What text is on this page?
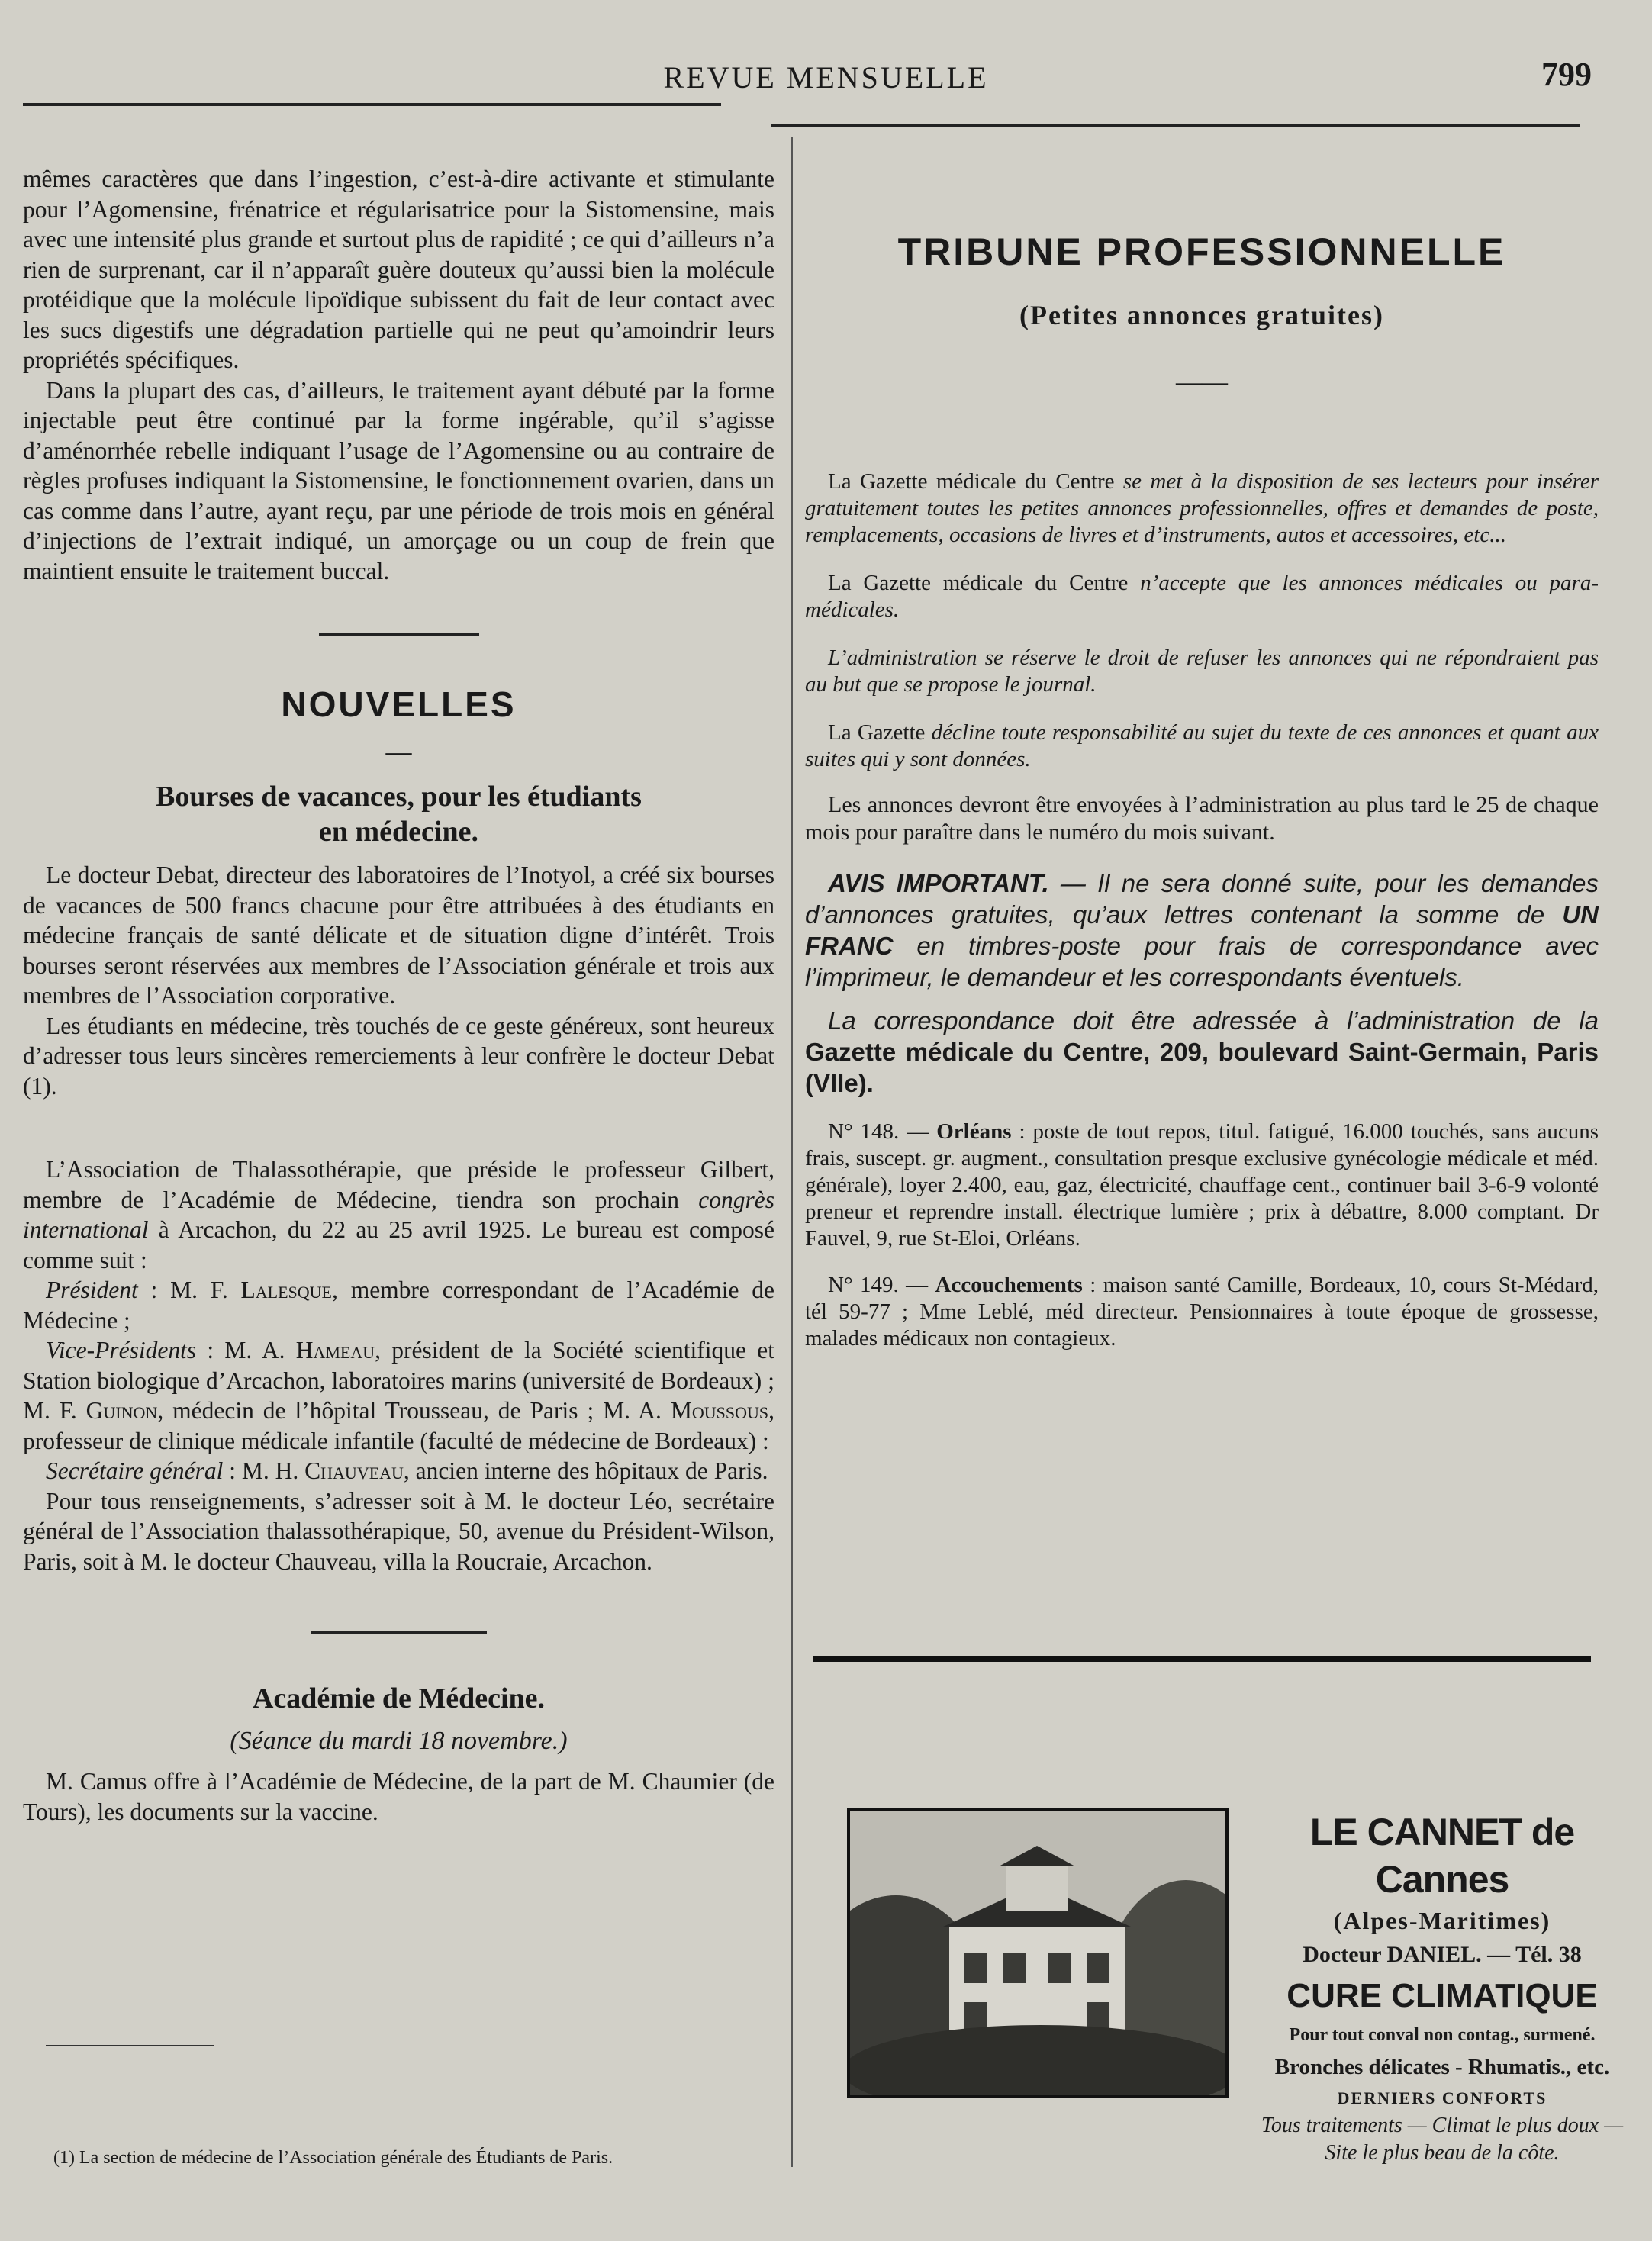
REVUE MENSUELLE	799

mêmes caractères que dans l’ingestion, c’est-à-dire activante et stimulante pour l’Agomensine, frénatrice et régularisatrice pour la Sistomensine, mais avec une intensité plus grande et surtout plus de rapidité ; ce qui d’ailleurs n’a rien de surprenant, car il n’apparaît guère douteux qu’aussi bien la molécule protéidique que la molécule lipoïdique subissent du fait de leur contact avec les sucs digestifs une dégradation partielle qui ne peut qu’amoindrir leurs propriétés spécifiques.

Dans la plupart des cas, d’ailleurs, le traitement ayant débuté par la forme injectable peut être continué par la forme ingérable, qu’il s’agisse d’aménorrhée rebelle indiquant l’usage de l’Agomensine ou au contraire de règles profuses indiquant la Sistomensine, le fonctionnement ovarien, dans un cas comme dans l’autre, ayant reçu, par une période de trois mois en général d’injections de l’extrait indiqué, un amorçage ou un coup de frein que maintient ensuite le traitement buccal.

NOUVELLES
—
Bourses de vacances, pour les étudiants
en médecine.

Le docteur Debat, directeur des laboratoires de l’Inotyol, a créé six bourses de vacances de 500 francs chacune pour être attribuées à des étudiants en médecine français de santé délicate et de situation digne d’intérêt. Trois bourses seront réservées aux membres de l’Association générale et trois aux membres de l’Association corporative.

Les étudiants en médecine, très touchés de ce geste généreux, sont heureux d’adresser tous leurs sincères remerciements à leur confrère le docteur Debat (1).

L’Association de Thalassothérapie, que préside le professeur Gilbert, membre de l’Académie de Médecine, tiendra son prochain congrès international à Arcachon, du 22 au 25 avril 1925. Le bureau est composé comme suit :

Président : M. F. Lalesque, membre correspondant de l’Académie de Médecine ;

Vice-Présidents : M. A. Hameau, président de la Société scientifique et Station biologique d’Arcachon, laboratoires marins (université de Bordeaux) ; M. F. Guinon, médecin de l’hôpital Trousseau, de Paris ; M. A. Moussous, professeur de clinique médicale infantile (faculté de médecine de Bordeaux) :

Secrétaire général : M. H. Chauveau, ancien interne des hôpitaux de Paris.

Pour tous renseignements, s’adresser soit à M. le docteur Léo, secrétaire général de l’Association thalassothérapique, 50, avenue du Président-Wilson, Paris, soit à M. le docteur Chauveau, villa la Roucraie, Arcachon.

Académie de Médecine.
(Séance du mardi 18 novembre.)

M. Camus offre à l’Académie de Médecine, de la part de M. Chaumier (de Tours), les documents sur la vaccine.

(1) La section de médecine de l’Association générale des Étudiants de Paris.
TRIBUNE PROFESSIONNELLE
(Petites annonces gratuites)
——

La Gazette médicale du Centre se met à la disposition de ses lecteurs pour insérer gratuitement toutes les petites annonces professionnelles, offres et demandes de poste, remplacements, occasions de livres et d’instruments, autos et accessoires, etc...

La Gazette médicale du Centre n’accepte que les annonces médicales ou para-médicales.

L’administration se réserve le droit de refuser les annonces qui ne répondraient pas au but que se propose le journal.

La Gazette décline toute responsabilité au sujet du texte de ces annonces et quant aux suites qui y sont données.

Les annonces devront être envoyées à l’administration au plus tard le 25 de chaque mois pour paraître dans le numéro du mois suivant.

AVIS IMPORTANT. — Il ne sera donné suite, pour les demandes d’annonces gratuites, qu’aux lettres contenant la somme de UN FRANC en timbres-poste pour frais de correspondance avec l’imprimeur, le demandeur et les correspondants éventuels.

La correspondance doit être adressée à l’administration de la Gazette médicale du Centre, 209, boulevard Saint-Germain, Paris (VIIe).

N° 148. — Orléans : poste de tout repos, titul. fatigué, 16.000 touchés, sans aucuns frais, suscept. gr. augment., consultation presque exclusive gynécologie médicale et méd. générale), loyer 2.400, eau, gaz, électricité, chauffage cent., continuer bail 3-6-9 volonté preneur et reprendre install. électrique lumière ; prix à débattre, 8.000 comptant. Dr Fauvel, 9, rue St-Eloi, Orléans.

N° 149. — Accouchements : maison santé Camille, Bordeaux, 10, cours St-Médard, tél 59-77 ; Mme Leblé, méd directeur. Pensionnaires à toute époque de grossesse, malades médicaux non contagieux.

LE CANNET de Cannes
(Alpes-Maritimes)
Docteur DANIEL. — Tél. 38
CURE CLIMATIQUE
Pour tout conval non contag., surmené.
Bronches délicates - Rhumatis., etc.
DERNIERS CONFORTS
Tous traitements — Climat le plus doux — Site le plus beau de la côte.
